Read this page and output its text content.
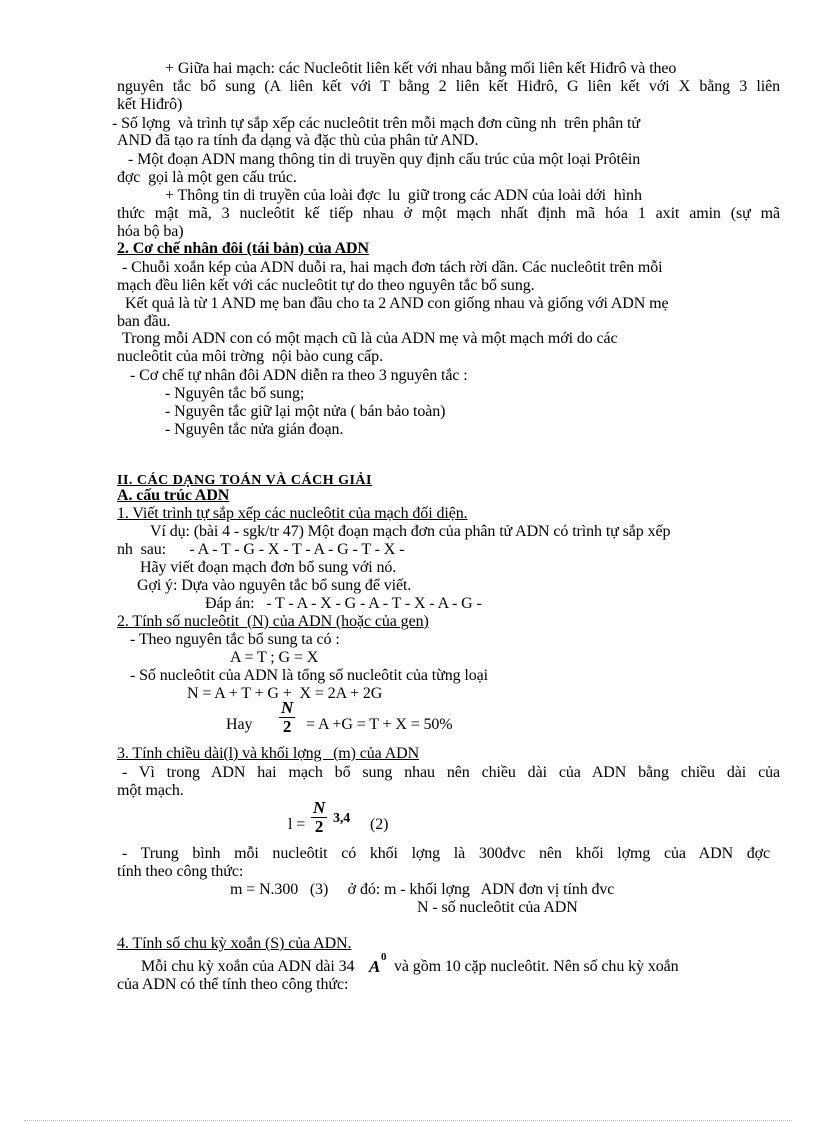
+ Giữa hai mạch: các Nucleôtit liên kết với nhau bằng mối liên kết Hiđrô và theo
nguyên tắc bổ sung (A liên kết với T bằng 2 liên kết Hiđrô, G liên kết với X bằng 3 liên
kết Hiđrô)
- Số lợng  và trình tự sắp xếp các nucleôtit trên mỗi mạch đơn cũng nh  trên phân tử
AND đã tạo ra tính đa dạng và đặc thù của phân tử AND.
- Một đoạn ADN mang thông tin di truyền quy định cấu trúc của một loại Prôtêin
đợc  gọi là một gen cấu trúc.
+ Thông tin di truyền của loài đợc  lu  giữ trong các ADN của loài dới  hình
thức mật mã, 3 nucleôtit kế tiếp nhau ở một mạch nhất định mã hóa 1 axit amin (sự mã
hóa bộ ba)
2. Cơ chế nhân đôi (tái bản) của ADN
- Chuỗi xoắn kép của ADN duỗi ra, hai mạch đơn tách rời dần. Các nucleôtit trên mỗi
mạch đều liên kết với các nucleôtit tự do theo nguyên tắc bổ sung.
Kết quả là từ 1 AND mẹ ban đầu cho ta 2 AND con giống nhau và giống với ADN mẹ
ban đầu.
Trong mỗi ADN con có một mạch cũ là của ADN mẹ và một mạch mới do các
nucleôtit của môi trờng  nội bào cung cấp.
- Cơ chế tự nhân đôi ADN diễn ra theo 3 nguyên tắc :
- Nguyên tắc bổ sung;
- Nguyên tắc giữ lại một nửa ( bán bảo toàn)
- Nguyên tắc nửa gián đoạn.
II. CÁC DẠNG TOÁN VÀ CÁCH GIẢI
A. cấu trúc ADN
1. Viết trình tự sắp xếp các nucleôtit của mạch đối diện.
Ví dụ: (bài 4 - sgk/tr 47) Một đoạn mạch đơn của phân tử ADN có trình tự sắp xếp
nh  sau:      - A - T - G - X - T - A - G - T - X -
Hãy viết đoạn mạch đơn bổ sung với nó.
Gợi ý: Dựa vào nguyên tắc bổ sung để viết.
Đáp án:   - T - A - X - G - A - T - X - A - G -
2. Tính số nucleôtit  (N) của ADN (hoặc của gen)
- Theo nguyên tắc bổ sung ta có :
A = T ; G = X
- Số nucleôtit của ADN là tổng số nucleôtit của từng loại
N = A + T + G +  X = 2A + 2G
Hay $\frac{N}{2} = A +G = T + X = 50\%$
3. Tính chiều dài(l) và khối lợng   (m) của ADN
- Vì trong ADN hai mạch bổ sung nhau nên chiều dài của ADN bằng chiều dài của
một mạch.
$l = \frac{N}{2} 3,4$ (2)
- Trung bình mỗi nucleôtit có khối lợng là 300đvc nên khối lợmg của ADN đợc
tính theo công thức:
m = N.300   (3)     ở đó: m - khối lợng   ADN đơn vị tính đvc
N - số nucleôtit của ADN
4. Tính số chu kỳ xoắn (S) của ADN.
Mỗi chu kỳ xoắn của ADN dài 34 A 0
và gồm 10 cặp nucleôtit. Nên số chu kỳ xoắn
của ADN có thể tính theo công thức:
